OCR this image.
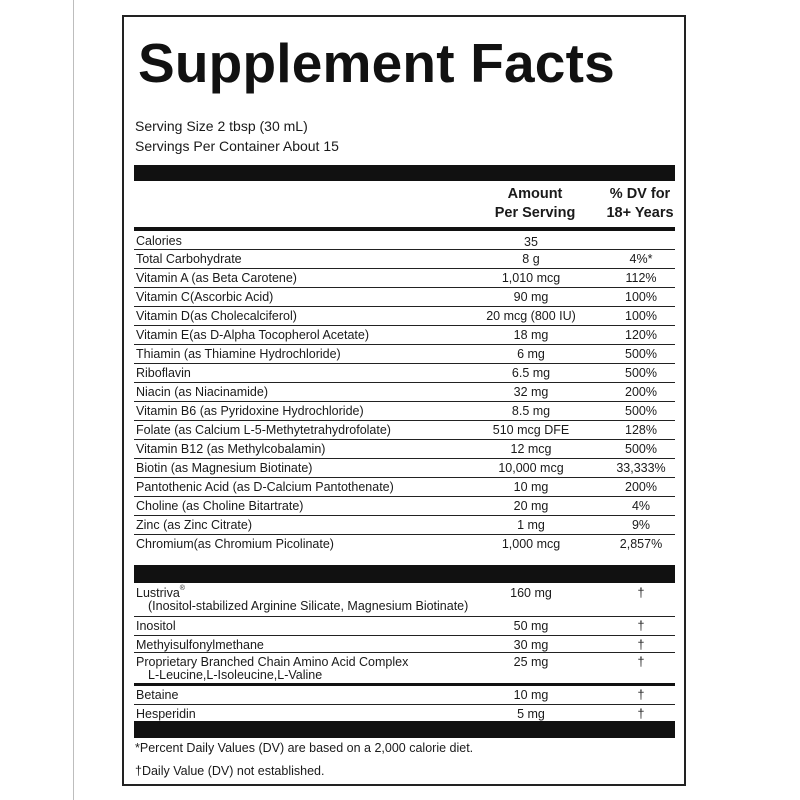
Supplement Facts
Serving Size 2 tbsp (30 mL)
Servings Per Container About 15
Amount
Per Serving
% DV for
18+ Years
Calories	35
Total Carbohydrate	8 g	4%*
Vitamin A (as Beta Carotene)	1,010 mcg	112%
Vitamin C(Ascorbic Acid)	90 mg	100%
Vitamin D(as Cholecalciferol)	20 mcg (800 IU)	100%
Vitamin E(as D-Alpha Tocopherol Acetate)	18 mg	120%
Thiamin (as Thiamine Hydrochloride)	6 mg	500%
Riboflavin	6.5 mg	500%
Niacin (as Niacinamide)	32 mg	200%
Vitamin B6 (as Pyridoxine Hydrochloride)	8.5 mg	500%
Folate (as Calcium L-5-Methytetrahydrofolate)	510 mcg DFE	128%
Vitamin B12 (as Methylcobalamin)	12 mcg	500%
Biotin (as Magnesium Biotinate)	10,000 mcg	33,333%
Pantothenic Acid (as D-Calcium Pantothenate)	10 mg	200%
Choline (as Choline Bitartrate)	20 mg	4%
Zinc (as Zinc Citrate)	1 mg	9%
Chromium(as Chromium Picolinate)	1,000 mcg	2,857%
Lustriva®
(Inositol-stabilized Arginine Silicate, Magnesium Biotinate)
160 mg	†
Inositol	50 mg	†
Methyisulfonylmethane	30 mg	†
Proprietary Branched Chain Amino Acid Complex
L-Leucine,L-Isoleucine,L-Valine
25 mg	†
Betaine	10 mg	†
Hesperidin	5 mg	†
*Percent Daily Values (DV) are based on a 2,000 calorie diet.
†Daily Value (DV) not established.
